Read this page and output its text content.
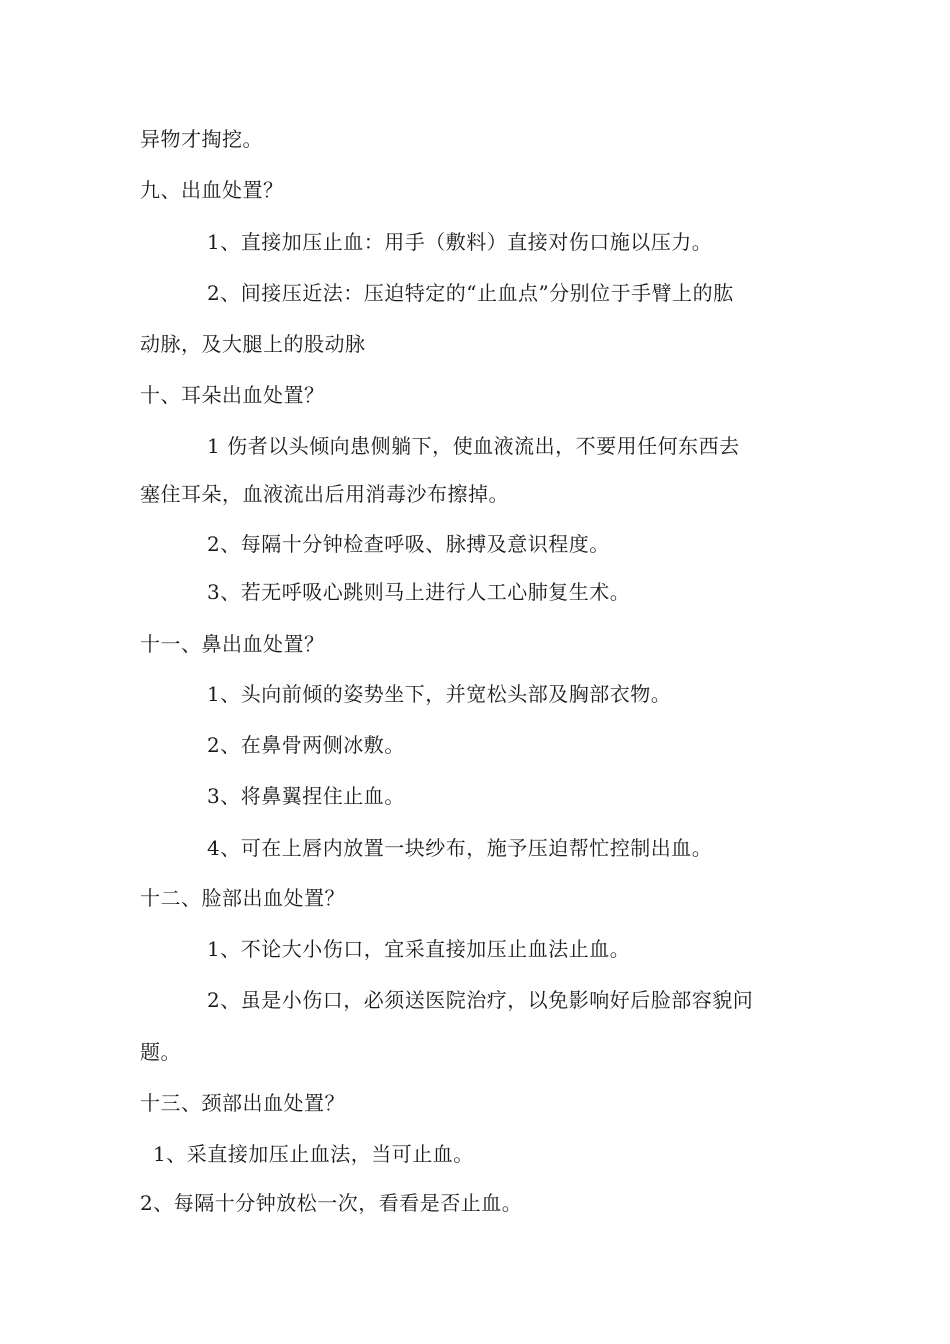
异物才掏挖。
九、出血处置？
1、直接加压止血：用手（敷料）直接对伤口施以压力。
2、间接压近法：压迫特定的“止血点”分别位于手臂上的肱
动脉，及大腿上的股动脉
十、耳朵出血处置？
1 伤者以头倾向患侧躺下，使血液流出，不要用任何东西去
塞住耳朵，血液流出后用消毒沙布擦掉。
2、每隔十分钟检查呼吸、脉搏及意识程度。
3、若无呼吸心跳则马上进行人工心肺复生术。
十一、鼻出血处置？
1、头向前倾的姿势坐下，并宽松头部及胸部衣物。
2、在鼻骨两侧冰敷。
3、将鼻翼捏住止血。
4、可在上唇内放置一块纱布，施予压迫帮忙控制出血。
十二、脸部出血处置？
1、不论大小伤口，宜采直接加压止血法止血。
2、虽是小伤口，必须送医院治疗，以免影响好后脸部容貌问
题。
十三、颈部出血处置？
1、采直接加压止血法，当可止血。
2、每隔十分钟放松一次，看看是否止血。
